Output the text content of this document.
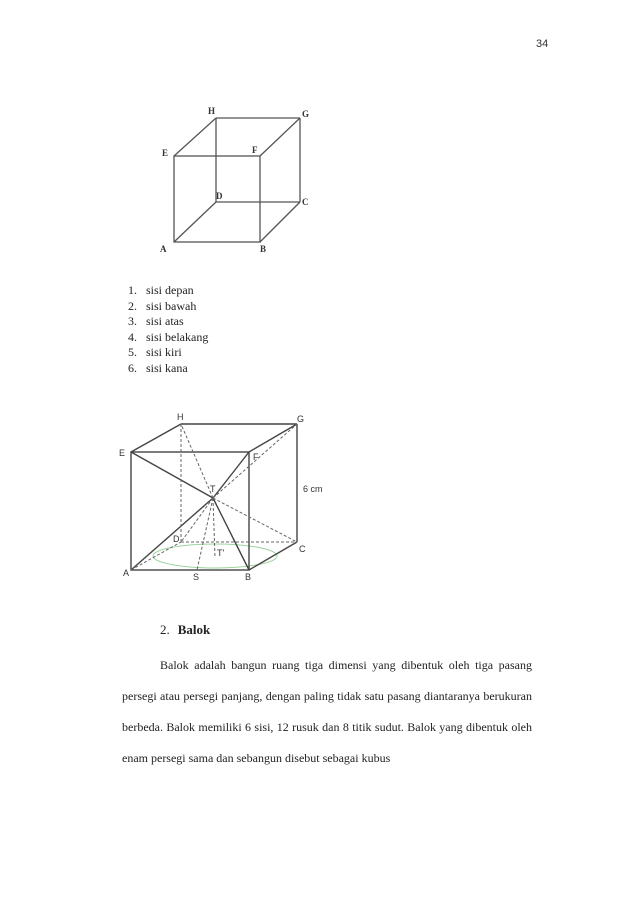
34
A	B
C
D
E	F
G
H
1. sisi depan
2. sisi bawah
3. sisi atas
4. sisi belakang
5. sisi kiri
6. sisi kana
A	B
C
D
E	F
G
H
T
T'
S
6 cm
2. Balok

Balok adalah bangun ruang tiga dimensi yang dibentuk oleh tiga pasang persegi atau persegi panjang, dengan paling tidak satu pasang diantaranya berukuran berbeda. Balok memiliki 6 sisi, 12 rusuk dan 8 titik sudut. Balok yang dibentuk oleh enam persegi sama dan sebangun disebut sebagai kubus
